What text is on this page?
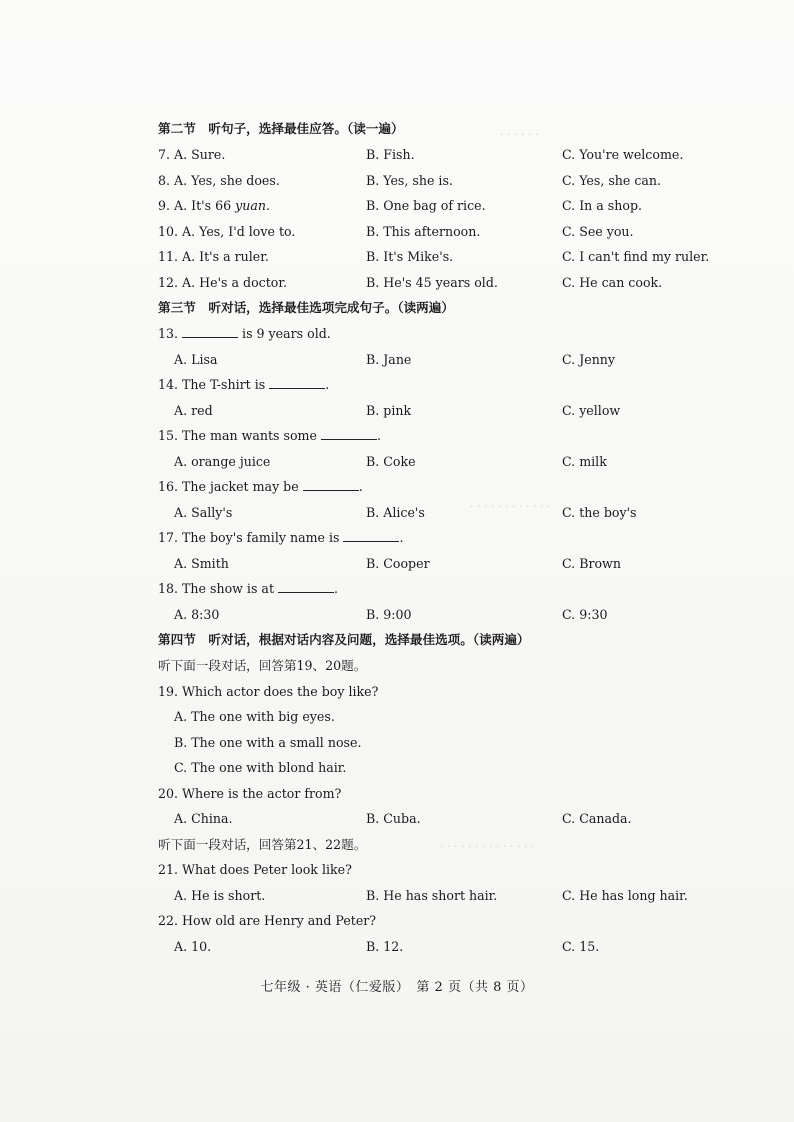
· · · · · ·
· · · · · · · · · · · ·
· · · · · · · · · · · · · ·
第二节　听句子，选择最佳应答。（读一遍）
7. A. Sure.	B. Fish.	C. You're welcome.
8. A. Yes, she does.	B. Yes, she is.	C. Yes, she can.
9. A. It's 66 yuan.	B. One bag of rice.	C. In a shop.
10. A. Yes, I'd love to.	B. This afternoon.	C. See you.
11. A. It's a ruler.	B. It's Mike's.	C. I can't find my ruler.
12. A. He's a doctor.	B. He's 45 years old.	C. He can cook.
第三节　听对话，选择最佳选项完成句子。（读两遍）
13.	is 9 years old.
A. Lisa	B. Jane	C. Jenny
14. The T-shirt is	.
A. red	B. pink	C. yellow
15. The man wants some	.
A. orange juice	B. Coke	C. milk
16. The jacket may be	.
A. Sally's	B. Alice's	C. the boy's
17. The boy's family name is	.
A. Smith	B. Cooper	C. Brown
18. The show is at	.
A. 8:30	B. 9:00	C. 9:30
第四节　听对话，根据对话内容及问题，选择最佳选项。（读两遍）
听下面一段对话，回答第19、20题。
19. Which actor does the boy like?
A. The one with big eyes.
B. The one with a small nose.
C. The one with blond hair.
20. Where is the actor from?
A. China.	B. Cuba.	C. Canada.
听下面一段对话，回答第21、22题。
21. What does Peter look like?
A. He is short.	B. He has short hair.	C. He has long hair.
22. How old are Henry and Peter?
A. 10.	B. 12.	C. 15.
七年级 · 英语（仁爱版）　第 2 页（共 8 页）
